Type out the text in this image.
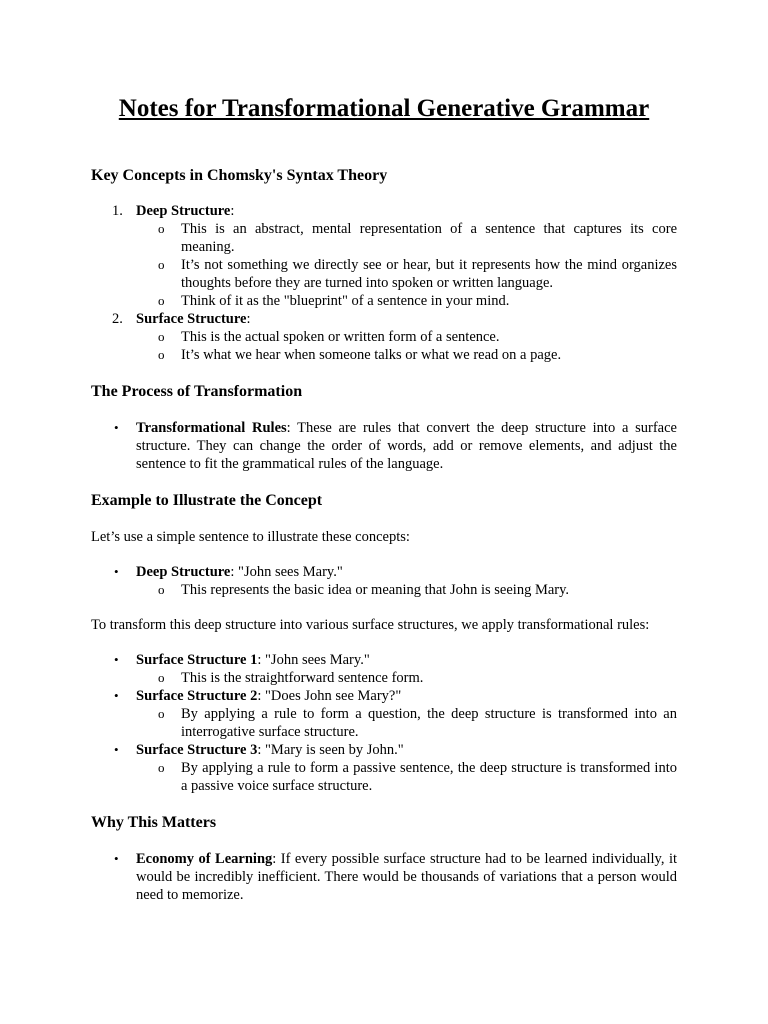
Notes for Transformational Generative Grammar
Key Concepts in Chomsky's Syntax Theory
1. Deep Structure:
o This is an abstract, mental representation of a sentence that captures its core meaning.
o It’s not something we directly see or hear, but it represents how the mind organizes thoughts before they are turned into spoken or written language.
o Think of it as the "blueprint" of a sentence in your mind.
2. Surface Structure:
o This is the actual spoken or written form of a sentence.
o It’s what we hear when someone talks or what we read on a page.
The Process of Transformation
• Transformational Rules: These are rules that convert the deep structure into a surface structure. They can change the order of words, add or remove elements, and adjust the sentence to fit the grammatical rules of the language.
Example to Illustrate the Concept

Let’s use a simple sentence to illustrate these concepts:

• Deep Structure: "John sees Mary."
o This represents the basic idea or meaning that John is seeing Mary.

To transform this deep structure into various surface structures, we apply transformational rules:

• Surface Structure 1: "John sees Mary."
o This is the straightforward sentence form.
• Surface Structure 2: "Does John see Mary?"
o By applying a rule to form a question, the deep structure is transformed into an interrogative surface structure.
• Surface Structure 3: "Mary is seen by John."
o By applying a rule to form a passive sentence, the deep structure is transformed into a passive voice surface structure.
Why This Matters
• Economy of Learning: If every possible surface structure had to be learned individually, it would be incredibly inefficient. There would be thousands of variations that a person would need to memorize.
